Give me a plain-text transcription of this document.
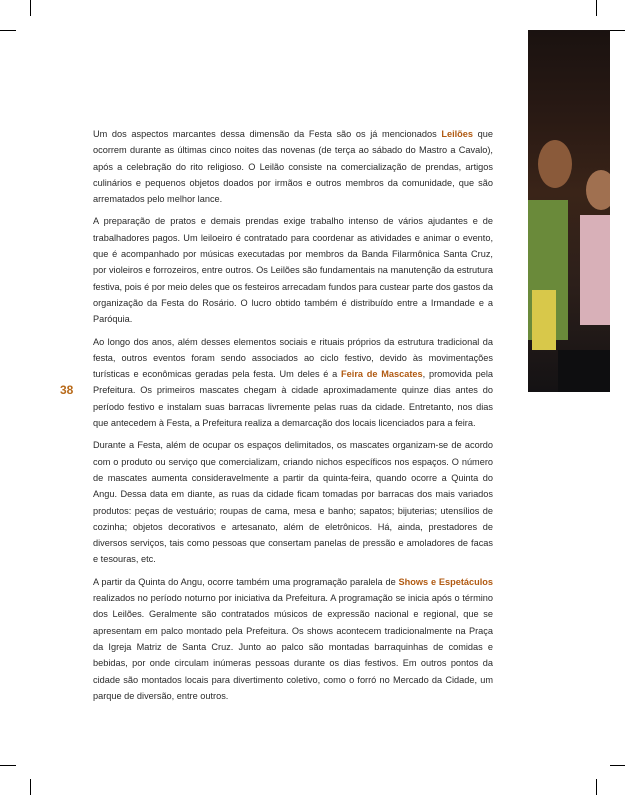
38

Um dos aspectos marcantes dessa dimensão da Festa são os já mencionados Leilões que ocorrem durante as últimas cinco noites das novenas (de terça ao sábado do Mastro a Cavalo), após a celebração do rito religioso. O Leilão consiste na comercialização de prendas, artigos culinários e pequenos objetos doados por irmãos e outros membros da comunidade, que são arrematados pelo melhor lance.

A preparação de pratos e demais prendas exige trabalho intenso de vários ajudantes e de trabalhadores pagos. Um leiloeiro é contratado para coordenar as atividades e animar o evento, que é acompanhado por músicas executadas por membros da Banda Filarmônica Santa Cruz, por violeiros e forrozeiros, entre outros. Os Leilões são fundamentais na manutenção da estrutura festiva, pois é por meio deles que os festeiros arrecadam fundos para custear parte dos gastos da organização da Festa do Rosário. O lucro obtido também é distribuído entre a Irmandade e a Paróquia.

Ao longo dos anos, além desses elementos sociais e rituais próprios da estrutura tradicional da festa, outros eventos foram sendo associados ao ciclo festivo, devido às movimentações turísticas e econômicas geradas pela festa. Um deles é a Feira de Mascates, promovida pela Prefeitura. Os primeiros mascates chegam à cidade aproximadamente quinze dias antes do período festivo e instalam suas barracas livremente pelas ruas da cidade. Entretanto, nos dias que antecedem à Festa, a Prefeitura realiza a demarcação dos locais licenciados para a feira.

Durante a Festa, além de ocupar os espaços delimitados, os mascates organizam-se de acordo com o produto ou serviço que comercializam, criando nichos específicos nos espaços. O número de mascates aumenta consideravelmente a partir da quinta-feira, quando ocorre a Quinta do Angu. Dessa data em diante, as ruas da cidade ficam tomadas por barracas dos mais variados produtos: peças de vestuário; roupas de cama, mesa e banho; sapatos; bijuterias; utensílios de cozinha; objetos decorativos e artesanato, além de eletrônicos. Há, ainda, prestadores de diversos serviços, tais como pessoas que consertam panelas de pressão e amoladores de facas e tesouras, etc.

A partir da Quinta do Angu, ocorre também uma programação paralela de Shows e Espetáculos realizados no período noturno por iniciativa da Prefeitura. A programação se inicia após o término dos Leilões. Geralmente são contratados músicos de expressão nacional e regional, que se apresentam em palco montado pela Prefeitura. Os shows acontecem tradicionalmente na Praça da Igreja Matriz de Santa Cruz. Junto ao palco são montadas barraquinhas de comidas e bebidas, por onde circulam inúmeras pessoas durante os dias festivos. Em outros pontos da cidade são montados locais para divertimento coletivo, como o forró no Mercado da Cidade, um parque de diversão, entre outros.
